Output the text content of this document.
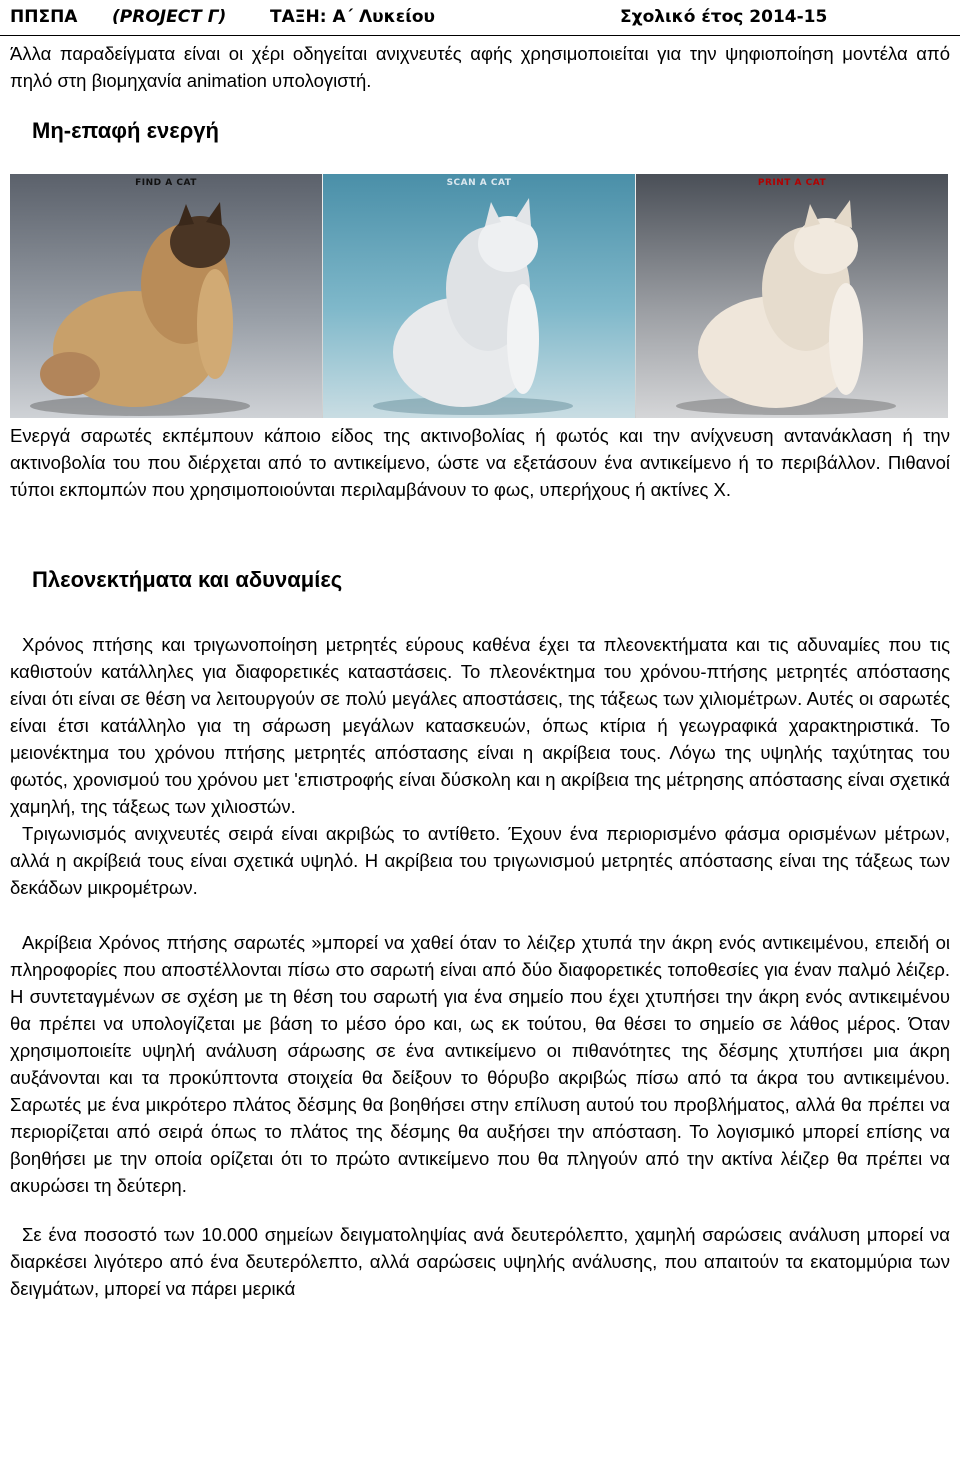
ΠΠΣΠΑ (PROJECT Γ)	ΤΑΞΗ: Α΄ Λυκείου	Σχολικό έτος 2014-15

Άλλα παραδείγματα είναι οι χέρι οδηγείται ανιχνευτές αφής χρησιμοποιείται για την ψηφιοποίηση μοντέλα από πηλό στη βιομηχανία animation υπολογιστή.

Μη-επαφή ενεργή
FIND A CAT	SCAN A CAT	PRINT A CAT

Ενεργά σαρωτές εκπέμπουν κάποιο είδος της ακτινοβολίας ή φωτός και την ανίχνευση αντανάκλαση ή την ακτινοβολία του που διέρχεται από το αντικείμενο, ώστε να εξετάσουν ένα αντικείμενο ή το περιβάλλον. Πιθανοί τύποι εκπομπών που χρησιμοποιούνται περιλαμβάνουν το φως, υπερήχους ή ακτίνες Χ.

Πλεονεκτήματα και αδυναμίες

Χρόνος πτήσης και τριγωνοποίηση μετρητές εύρους καθένα έχει τα πλεονεκτήματα και τις αδυναμίες που τις καθιστούν κατάλληλες για διαφορετικές καταστάσεις. Το πλεονέκτημα του χρόνου-πτήσης μετρητές απόστασης είναι ότι είναι σε θέση να λειτουργούν σε πολύ μεγάλες αποστάσεις, της τάξεως των χιλιομέτρων. Αυτές οι σαρωτές είναι έτσι κατάλληλο για τη σάρωση μεγάλων κατασκευών, όπως κτίρια ή γεωγραφικά χαρακτηριστικά. Το μειονέκτημα του χρόνου πτήσης μετρητές απόστασης είναι η ακρίβεια τους. Λόγω της υψηλής ταχύτητας του φωτός, χρονισμού του χρόνου μετ 'επιστροφής είναι δύσκολη και η ακρίβεια της μέτρησης απόστασης είναι σχετικά χαμηλή, της τάξεως των χιλιοστών.

Τριγωνισμός ανιχνευτές σειρά είναι ακριβώς το αντίθετο. Έχουν ένα περιορισμένο φάσμα ορισμένων μέτρων, αλλά η ακρίβειά τους είναι σχετικά υψηλό. Η ακρίβεια του τριγωνισμού μετρητές απόστασης είναι της τάξεως των δεκάδων μικρομέτρων.

Ακρίβεια Χρόνος πτήσης σαρωτές »μπορεί να χαθεί όταν το λέιζερ χτυπά την άκρη ενός αντικειμένου, επειδή οι πληροφορίες που αποστέλλονται πίσω στο σαρωτή είναι από δύο διαφορετικές τοποθεσίες για έναν παλμό λέιζερ. Η συντεταγμένων σε σχέση με τη θέση του σαρωτή για ένα σημείο που έχει χτυπήσει την άκρη ενός αντικειμένου θα πρέπει να υπολογίζεται με βάση το μέσο όρο και, ως εκ τούτου, θα θέσει το σημείο σε λάθος μέρος. Όταν χρησιμοποιείτε υψηλή ανάλυση σάρωσης σε ένα αντικείμενο οι πιθανότητες της δέσμης χτυπήσει μια άκρη αυξάνονται και τα προκύπτοντα στοιχεία θα δείξουν το θόρυβο ακριβώς πίσω από τα άκρα του αντικειμένου. Σαρωτές με ένα μικρότερο πλάτος δέσμης θα βοηθήσει στην επίλυση αυτού του προβλήματος, αλλά θα πρέπει να περιορίζεται από σειρά όπως το πλάτος της δέσμης θα αυξήσει την απόσταση. Το λογισμικό μπορεί επίσης να βοηθήσει με την οποία ορίζεται ότι το πρώτο αντικείμενο που θα πληγούν από την ακτίνα λέιζερ θα πρέπει να ακυρώσει τη δεύτερη.

Σε ένα ποσοστό των 10.000 σημείων δειγματοληψίας ανά δευτερόλεπτο, χαμηλή σαρώσεις ανάλυση μπορεί να διαρκέσει λιγότερο από ένα δευτερόλεπτο, αλλά σαρώσεις υψηλής ανάλυσης, που απαιτούν τα εκατομμύρια των δειγμάτων, μπορεί να πάρει μερικά
